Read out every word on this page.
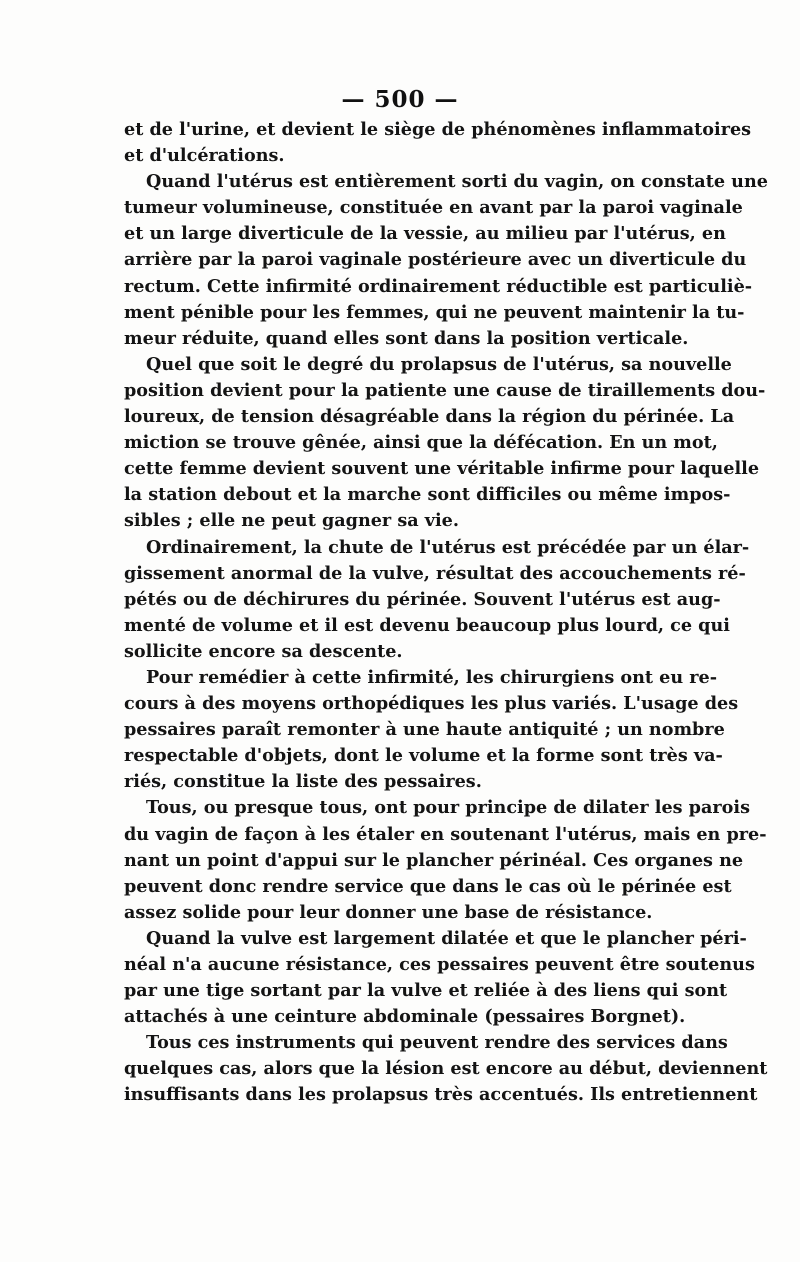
— 500 —
et de l'urine, et devient le siège de phénomènes inflammatoires
et d'ulcérations.
Quand l'utérus est entièrement sorti du vagin, on constate une
tumeur volumineuse, constituée en avant par la paroi vaginale
et un large diverticule de la vessie, au milieu par l'utérus, en
arrière par la paroi vaginale postérieure avec un diverticule du
rectum. Cette infirmité ordinairement réductible est particuliè-
ment pénible pour les femmes, qui ne peuvent maintenir la tu-
meur réduite, quand elles sont dans la position verticale.
Quel que soit le degré du prolapsus de l'utérus, sa nouvelle
position devient pour la patiente une cause de tiraillements dou-
loureux, de tension désagréable dans la région du périnée. La
miction se trouve gênée, ainsi que la défécation. En un mot,
cette femme devient souvent une véritable infirme pour laquelle
la station debout et la marche sont difficiles ou même impos-
sibles ; elle ne peut gagner sa vie.
Ordinairement, la chute de l'utérus est précédée par un élar-
gissement anormal de la vulve, résultat des accouchements ré-
pétés ou de déchirures du périnée. Souvent l'utérus est aug-
menté de volume et il est devenu beaucoup plus lourd, ce qui
sollicite encore sa descente.
Pour remédier à cette infirmité, les chirurgiens ont eu re-
cours à des moyens orthopédiques les plus variés. L'usage des
pessaires paraît remonter à une haute antiquité ; un nombre
respectable d'objets, dont le volume et la forme sont très va-
riés, constitue la liste des pessaires.
Tous, ou presque tous, ont pour principe de dilater les parois
du vagin de façon à les étaler en soutenant l'utérus, mais en pre-
nant un point d'appui sur le plancher périnéal. Ces organes ne
peuvent donc rendre service que dans le cas où le périnée est
assez solide pour leur donner une base de résistance.
Quand la vulve est largement dilatée et que le plancher péri-
néal n'a aucune résistance, ces pessaires peuvent être soutenus
par une tige sortant par la vulve et reliée à des liens qui sont
attachés à une ceinture abdominale (pessaires Borgnet).
Tous ces instruments qui peuvent rendre des services dans
quelques cas, alors que la lésion est encore au début, deviennent
insuffisants dans les prolapsus très accentués. Ils entretiennent
